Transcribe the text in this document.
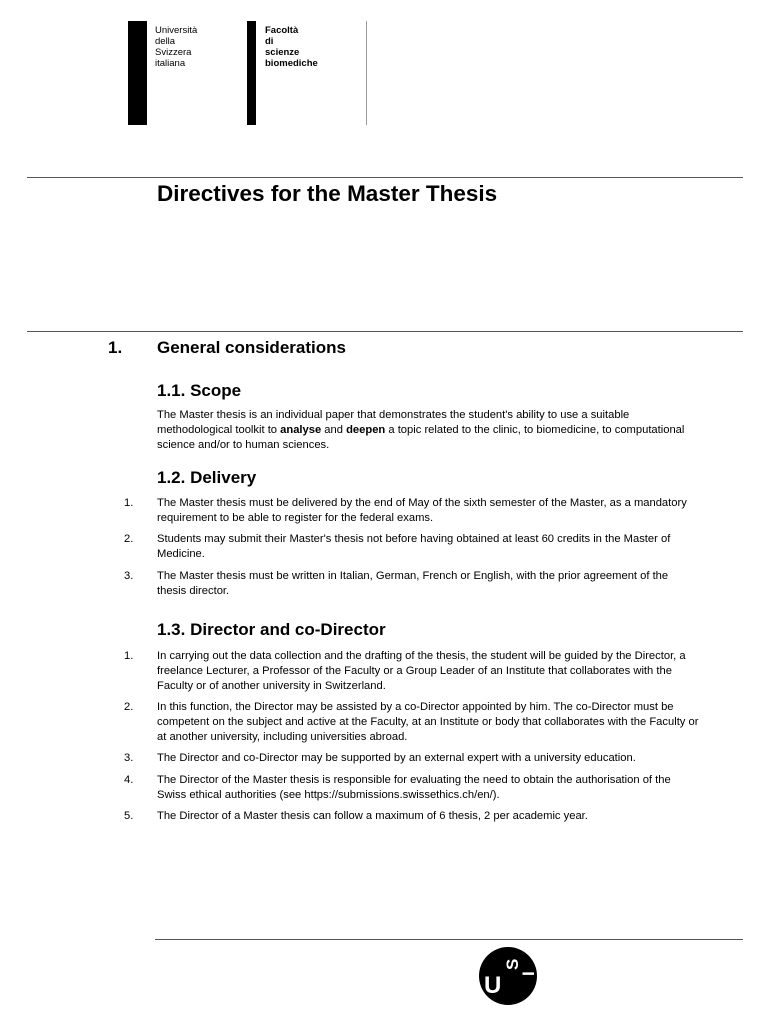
Università
della
Svizzera
italiana
Facoltà
di
scienze
biomediche
Directives for the Master Thesis
1. General considerations
1.1. Scope
The Master thesis is an individual paper that demonstrates the student's ability to use a suitable methodological toolkit to analyse and deepen a topic related to the clinic, to biomedicine, to computational science and/or to human sciences.
1.2. Delivery
1. The Master thesis must be delivered by the end of May of the sixth semester of the Master, as a mandatory requirement to be able to register for the federal exams.
2. Students may submit their Master's thesis not before having obtained at least 60 credits in the Master of Medicine.
3. The Master thesis must be written in Italian, German, French or English, with the prior agreement of the thesis director.
1.3. Director and co-Director
1. In carrying out the data collection and the drafting of the thesis, the student will be guided by the Director, a freelance Lecturer, a Professor of the Faculty or a Group Leader of an Institute that collaborates with the Faculty or of another university in Switzerland.
2. In this function, the Director may be assisted by a co-Director appointed by him. The co-Director must be competent on the subject and active at the Faculty, at an Institute or body that collaborates with the Faculty or at another university, including universities abroad.
3. The Director and co-Director may be supported by an external expert with a university education.
4. The Director of the Master thesis is responsible for evaluating the need to obtain the authorisation of the Swiss ethical authorities (see https://submissions.swissethics.ch/en/).
5. The Director of a Master thesis can follow a maximum of 6 thesis, 2 per academic year.
U
S
I
